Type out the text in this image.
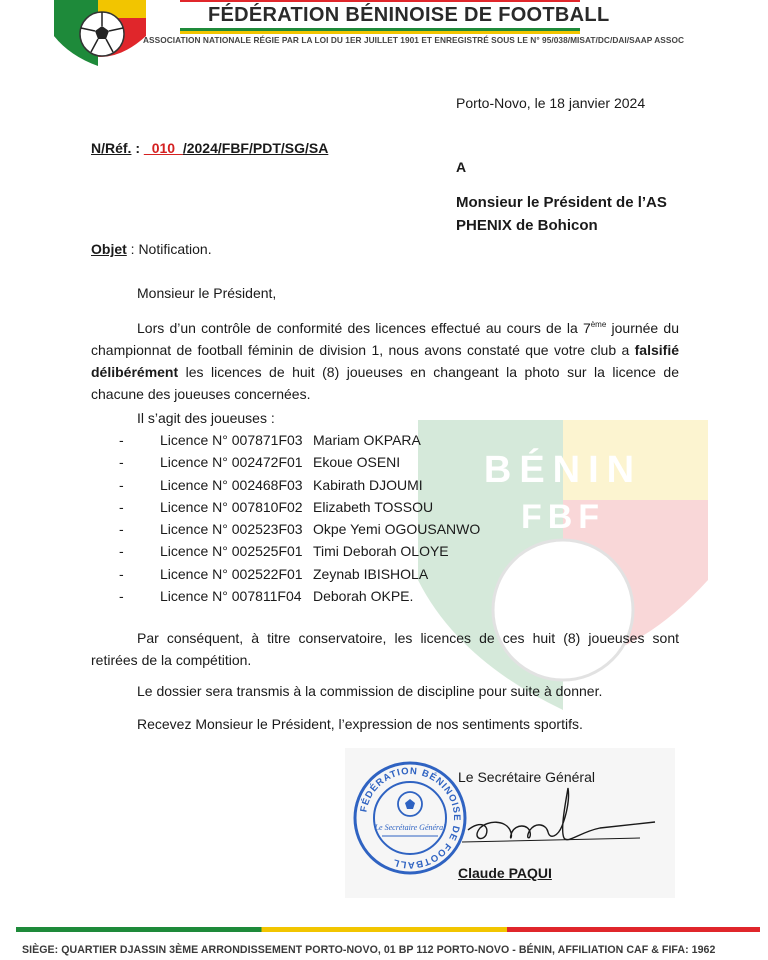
FÉDÉRATION BÉNINOISE DE FOOTBALL
ASSOCIATION NATIONALE RÉGIE PAR LA LOI DU 1ER JUILLET 1901 ET ENREGISTRÉ SOUS LE N° 95/038/MISAT/DC/DAI/SAAP ASSOC
BÉNIN
FBF
Porto-Novo, le 18 janvier 2024
N/Réf. : _010_/2024/FBF/PDT/SG/SA
A
Monsieur le Président de l’AS PHENIX de Bohicon
Objet : Notification.
Monsieur le Président,
Lors d’un contrôle de conformité des licences effectué au cours de la 7ème journée du championnat de football féminin de division 1, nous avons constaté que votre club a falsifié délibérément les licences de huit (8) joueuses en changeant la photo sur la licence de chacune des joueuses concernées.
Il s’agit des joueuses :
-	Licence N° 007871F03 Mariam OKPARA
-	Licence N° 002472F01 Ekoue OSENI
-	Licence N° 002468F03 Kabirath DJOUMI
-	Licence N° 007810F02 Elizabeth TOSSOU
-	Licence N° 002523F03 Okpe Yemi OGOUSANWO
-	Licence N° 002525F01 Timi Deborah OLOYE
-	Licence N° 002522F01 Zeynab IBISHOLA
-	Licence N° 007811F04 Deborah OKPE.
Par conséquent, à titre conservatoire, les licences de ces huit (8) joueuses sont retirées de la compétition.
Le dossier sera transmis à la commission de discipline pour suite à donner.
Recevez Monsieur le Président, l’expression de nos sentiments sportifs.
FÉDÉRATION BÉNINOISE DE FOOTBALL
Le Secrétaire Général
Le Secrétaire Général
Claude PAQUI
SIÈGE: QUARTIER DJASSIN 3ÈME ARRONDISSEMENT PORTO-NOVO, 01 BP 112 PORTO-NOVO - BÉNIN, AFFILIATION CAF & FIFA: 1962
